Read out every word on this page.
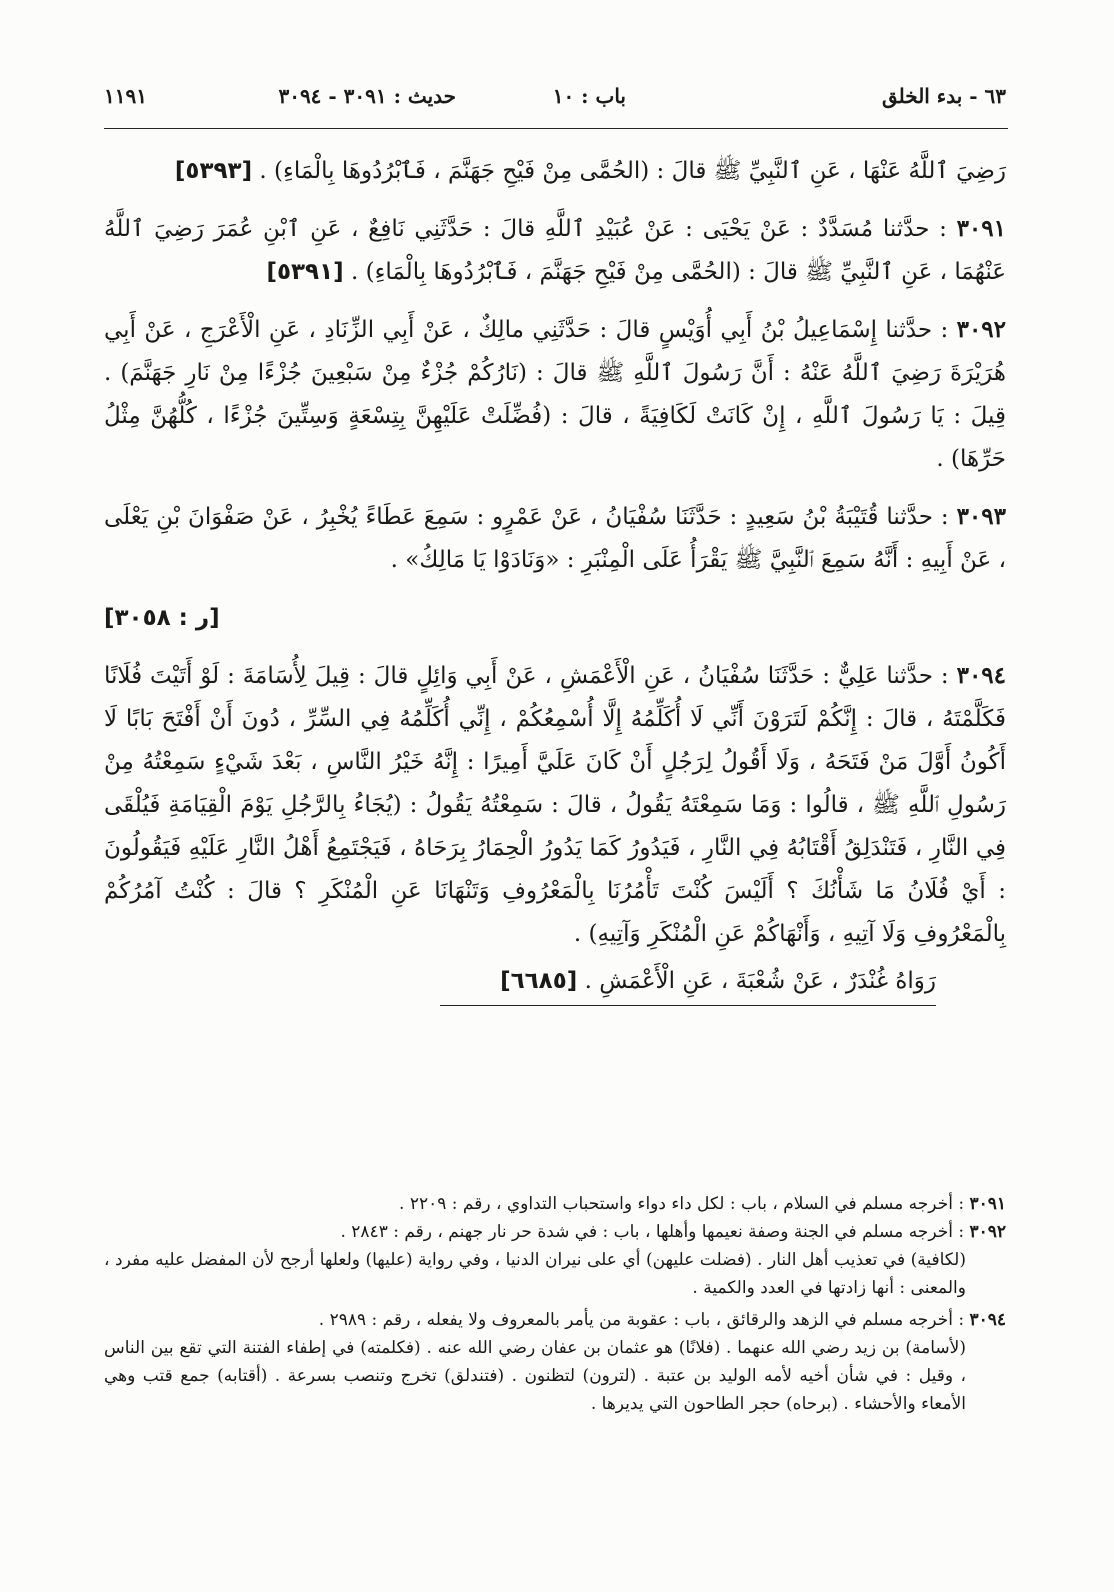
٦٣ - بدء الخلق
باب : ١٠
حديث : ٣٠٩١ - ٣٠٩٤
١١٩١

رَضِيَ ٱللَّهُ عَنْهَا ، عَنِ ٱلنَّبِيِّ ﷺ قالَ : (الحُمَّى مِنْ فَيْحِ جَهَنَّمَ ، فَٱبْرُدُوهَا بِالْمَاءِ) . [٥٣٩٣]

٣٠٩١ : حدَّثنا مُسَدَّدٌ : عَنْ يَحْيَى : عَنْ عُبَيْدِ ٱللَّهِ قالَ : حَدَّثَنِي نَافِعٌ ، عَنِ ٱبْنِ عُمَرَ رَضِيَ ٱللَّهُ عَنْهُمَا ، عَنِ ٱلنَّبِيِّ ﷺ قالَ : (الحُمَّى مِنْ فَيْحِ جَهَنَّمَ ، فَٱبْرُدُوهَا بِالْمَاءِ) . [٥٣٩١]

٣٠٩٢ : حدَّثنا إِسْمَاعِيلُ بْنُ أَبِي أُوَيْسٍ قالَ : حَدَّثَنِي مالِكٌ ، عَنْ أَبِي الزِّنَادِ ، عَنِ الْأَعْرَجِ ، عَنْ أَبِي هُرَيْرَةَ رَضِيَ ٱللَّهُ عَنْهُ : أَنَّ رَسُولَ ٱللَّهِ ﷺ قالَ : (نَارُكُمْ جُزْءٌ مِنْ سَبْعِينَ جُزْءًا مِنْ نَارِ جَهَنَّمَ) . قِيلَ : يَا رَسُولَ ٱللَّهِ ، إِنْ كَانَتْ لَكَافِيَةً ، قالَ : (فُضِّلَتْ عَلَيْهِنَّ بِتِسْعَةٍ وَسِتِّينَ جُزْءًا ، كُلُّهُنَّ مِثْلُ حَرِّهَا) .

٣٠٩٣ : حدَّثنا قُتَيْبَةُ بْنُ سَعِيدٍ : حَدَّثَنَا سُفْيَانُ ، عَنْ عَمْرٍو : سَمِعَ عَطَاءً يُخْبِرُ ، عَنْ صَفْوَانَ بْنِ يَعْلَى ، عَنْ أَبِيهِ : أَنَّهُ سَمِعَ ٱلنَّبِيَّ ﷺ يَقْرَأُ عَلَى الْمِنْبَرِ : «وَنَادَوْا يَا مَالِكُ» .

[ر : ٣٠٥٨]

٣٠٩٤ : حدَّثنا عَلِيٌّ : حَدَّثَنَا سُفْيَانُ ، عَنِ الْأَعْمَشِ ، عَنْ أَبِي وَائِلٍ قالَ : قِيلَ لِأُسَامَةَ : لَوْ أَتَيْتَ فُلَانًا فَكَلَّمْتَهُ ، قالَ : إِنَّكُمْ لَتَرَوْنَ أَنِّي لَا أُكَلِّمُهُ إِلَّا أُسْمِعُكُمْ ، إِنِّي أُكَلِّمُهُ فِي السِّرِّ ، دُونَ أَنْ أَفْتَحَ بَابًا لَا أَكُونُ أَوَّلَ مَنْ فَتَحَهُ ، وَلَا أَقُولُ لِرَجُلٍ أَنْ كَانَ عَلَيَّ أَمِيرًا : إِنَّهُ خَيْرُ النَّاسِ ، بَعْدَ شَيْءٍ سَمِعْتُهُ مِنْ رَسُولِ ٱللَّهِ ﷺ ، قالُوا : وَمَا سَمِعْتَهُ يَقُولُ ، قالَ : سَمِعْتُهُ يَقُولُ : (يُجَاءُ بِالرَّجُلِ يَوْمَ الْقِيَامَةِ فَيُلْقَى فِي النَّارِ ، فَتَنْدَلِقُ أَقْتَابُهُ فِي النَّارِ ، فَيَدُورُ كَمَا يَدُورُ الْحِمَارُ بِرَحَاهُ ، فَيَجْتَمِعُ أَهْلُ النَّارِ عَلَيْهِ فَيَقُولُونَ : أَيْ فُلَانُ مَا شَأْنُكَ ؟ أَلَيْسَ كُنْتَ تَأْمُرُنَا بِالْمَعْرُوفِ وَتَنْهَانَا عَنِ الْمُنْكَرِ ؟ قالَ : كُنْتُ آمُرُكُمْ بِالْمَعْرُوفِ وَلَا آتِيهِ ، وَأَنْهَاكُمْ عَنِ الْمُنْكَرِ وَآتِيهِ) .

رَوَاهُ غُنْدَرٌ ، عَنْ شُعْبَةَ ، عَنِ الْأَعْمَشِ . [٦٦٨٥]

٣٠٩١ : أخرجه مسلم في السلام ، باب : لكل داء دواء واستحباب التداوي ، رقم : ٢٢٠٩ .

٣٠٩٢ : أخرجه مسلم في الجنة وصفة نعيمها وأهلها ، باب : في شدة حر نار جهنم ، رقم : ٢٨٤٣ .

(لكافية) في تعذيب أهل النار . (فضلت عليهن) أي على نيران الدنيا ، وفي رواية (عليها) ولعلها أرجح لأن المفضل عليه مفرد ، والمعنى : أنها زادتها في العدد والكمية .

٣٠٩٤ : أخرجه مسلم في الزهد والرقائق ، باب : عقوبة من يأمر بالمعروف ولا يفعله ، رقم : ٢٩٨٩ .

(لأسامة) بن زيد رضي الله عنهما . (فلانًا) هو عثمان بن عفان رضي الله عنه . (فكلمته) في إطفاء الفتنة التي تقع بين الناس ، وقيل : في شأن أخيه لأمه الوليد بن عتبة . (لترون) لتظنون . (فتندلق) تخرج وتنصب بسرعة . (أقتابه) جمع قتب وهي الأمعاء والأحشاء . (برحاه) حجر الطاحون التي يديرها .
